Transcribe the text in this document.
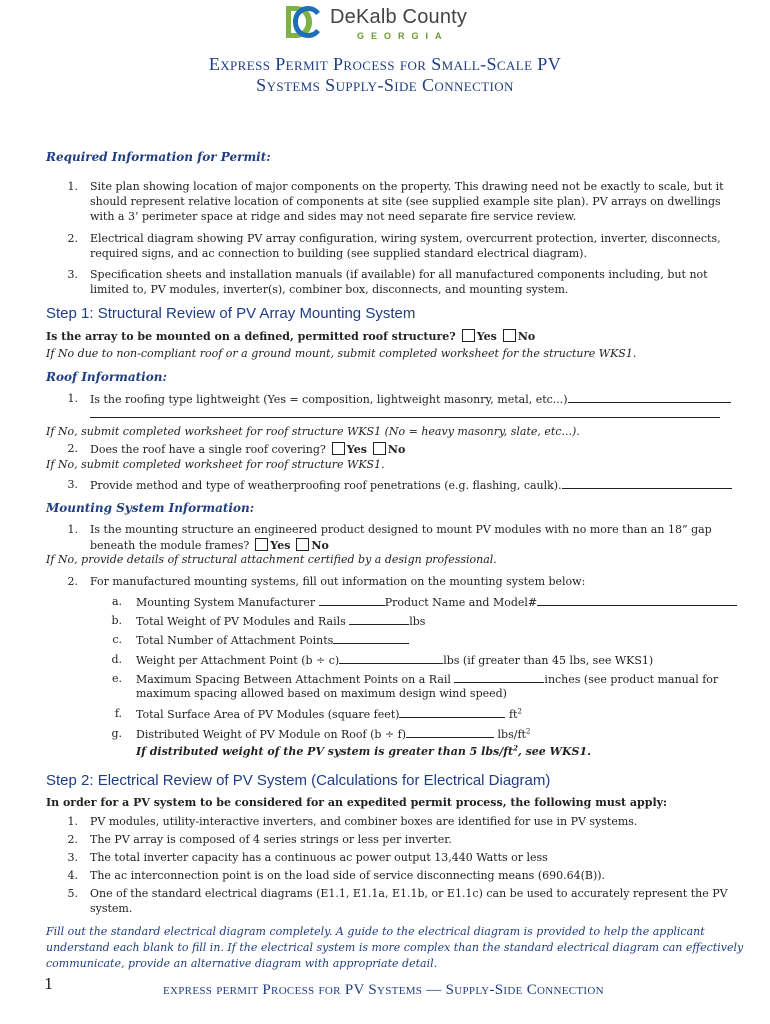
DeKalb County
GEORGIA
Express Permit Process for Small-Scale PV
Systems Supply-Side Connection
Required Information for Permit:
1. Site plan showing location of major components on the property. This drawing need not be exactly to scale, but it
should represent relative location of components at site (see supplied example site plan). PV arrays on dwellings
with a 3’ perimeter space at ridge and sides may not need separate fire service review.
2. Electrical diagram showing PV array configuration, wiring system, overcurrent protection, inverter, disconnects,
required signs, and ac connection to building (see supplied standard electrical diagram).
3. Specification sheets and installation manuals (if available) for all manufactured components including, but not
limited to, PV modules, inverter(s), combiner box, disconnects, and mounting system.
Step 1: Structural Review of PV Array Mounting System
Is the array to be mounted on a defined, permitted roof structure? Yes No
If No due to non-compliant roof or a ground mount, submit completed worksheet for the structure WKS1.
Roof Information:
1. Is the roofing type lightweight (Yes = composition, lightweight masonry, metal, etc...)
If No, submit completed worksheet for roof structure WKS1 (No = heavy masonry, slate, etc...).
2. Does the roof have a single roof covering? Yes No
If No, submit completed worksheet for roof structure WKS1.
3. Provide method and type of weatherproofing roof penetrations (e.g. flashing, caulk).
Mounting System Information:
1. Is the mounting structure an engineered product designed to mount PV modules with no more than an 18” gap
beneath the module frames? Yes No
If No, provide details of structural attachment certified by a design professional.
2. For manufactured mounting systems, fill out information on the mounting system below:
a. Mounting System Manufacturer	Product Name and Model#
b. Total Weight of PV Modules and Rails	lbs
c. Total Number of Attachment Points
d. Weight per Attachment Point (b ÷ c)	lbs (if greater than 45 lbs, see WKS1)
e. Maximum Spacing Between Attachment Points on a Rail	inches (see product manual for
maximum spacing allowed based on maximum design wind speed)
f. Total Surface Area of PV Modules (square feet)	$ft^2$
g. Distributed Weight of PV Module on Roof (b ÷ f)	lbs/$ft^2$
If distributed weight of the PV system is greater than 5 lbs/$ft^2$, see WKS1.
Step 2: Electrical Review of PV System (Calculations for Electrical Diagram)
In order for a PV system to be considered for an expedited permit process, the following must apply:
1. PV modules, utility-interactive inverters, and combiner boxes are identified for use in PV systems.
2. The PV array is composed of 4 series strings or less per inverter.
3. The total inverter capacity has a continuous ac power output 13,440 Watts or less
4. The ac interconnection point is on the load side of service disconnecting means (690.64(B)).
5. One of the standard electrical diagrams (E1.1, E1.1a, E1.1b, or E1.1c) can be used to accurately represent the PV
system.
Fill out the standard electrical diagram completely. A guide to the electrical diagram is provided to help the applicant
understand each blank to fill in. If the electrical system is more complex than the standard electrical diagram can effectively
communicate, provide an alternative diagram with appropriate detail.
1	express permit Process for PV Systems — Supply-Side Connection
